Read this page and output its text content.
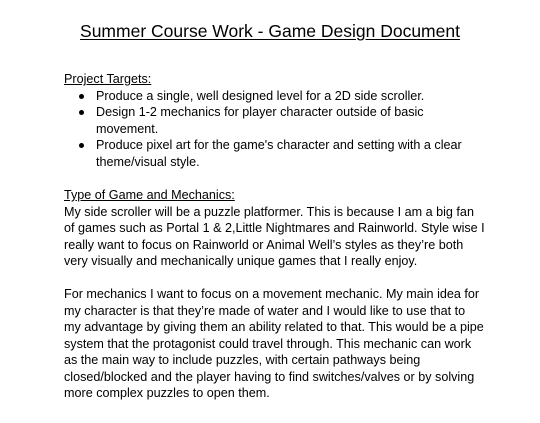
Summer Course Work - Game Design Document

Project Targets:

Produce a single, well designed level for a 2D side scroller.
Design 1-2 mechanics for player character outside of basic
movement.
Produce pixel art for the game's character and setting with a clear
theme/visual style.

Type of Game and Mechanics:

My side scroller will be a puzzle platformer. This is because I am a big fan
of games such as Portal 1 & 2,Little Nightmares and Rainworld. Style wise I
really want to focus on Rainworld or Animal Well’s styles as they’re both
very visually and mechanically unique games that I really enjoy.

For mechanics I want to focus on a movement mechanic. My main idea for
my character is that they’re made of water and I would like to use that to
my advantage by giving them an ability related to that. This would be a pipe
system that the protagonist could travel through. This mechanic can work
as the main way to include puzzles, with certain pathways being
closed/blocked and the player having to find switches/valves or by solving
more complex puzzles to open them.
